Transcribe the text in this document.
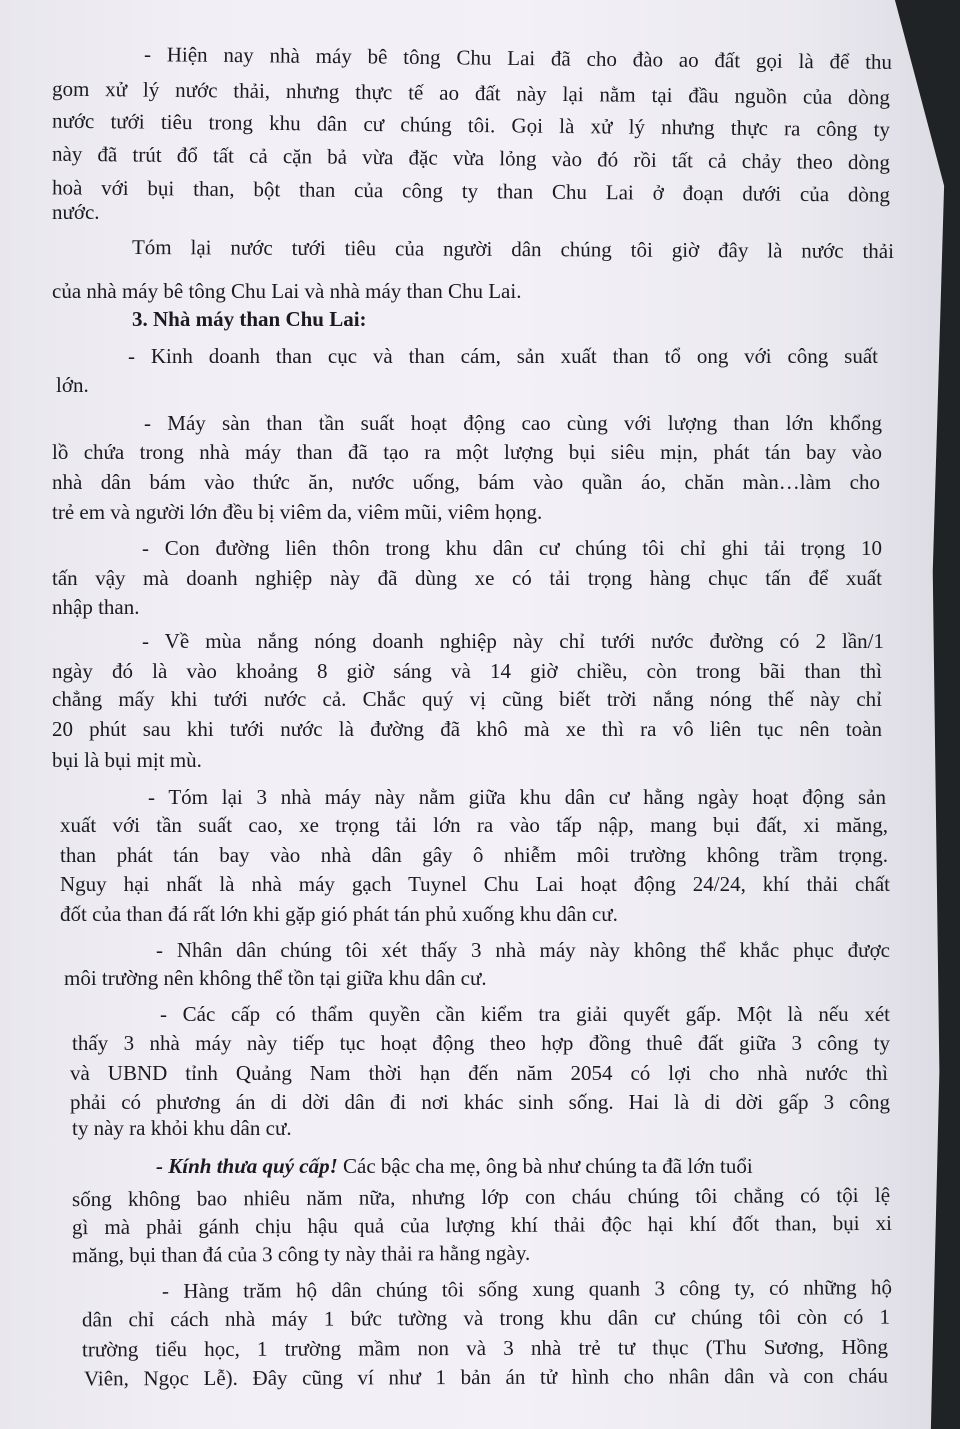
- Hiện nay nhà máy bê tông Chu Lai đã cho đào ao đất gọi là để thu
gom xử lý nước thải, nhưng thực tế ao đất này lại nằm tại đầu nguồn của dòng
nước tưới tiêu trong khu dân cư chúng tôi. Gọi là xử lý nhưng thực ra công ty
này đã trút đổ tất cả cặn bả vừa đặc vừa lỏng vào đó rồi tất cả chảy theo dòng
hoà với bụi than, bột than của công ty than Chu Lai ở đoạn dưới của dòng
nước.
Tóm lại nước tưới tiêu của người dân chúng tôi giờ đây là nước thải
của nhà máy bê tông Chu Lai và nhà máy than Chu Lai.
3. Nhà máy than Chu Lai:
- Kinh doanh than cục và than cám, sản xuất than tổ ong với công suất
lớn.
- Máy sàn than tần suất hoạt động cao cùng với lượng than lớn khổng
lồ chứa trong nhà máy than đã tạo ra một lượng bụi siêu mịn, phát tán bay vào
nhà dân bám vào thức ăn, nước uống, bám vào quần áo, chăn màn…làm cho
trẻ em và người lớn đều bị viêm da, viêm mũi, viêm họng.
- Con đường liên thôn trong khu dân cư chúng tôi chỉ ghi tải trọng 10
tấn vậy mà doanh nghiệp này đã dùng xe có tải trọng hàng chục tấn để xuất
nhập than.
- Về mùa nắng nóng doanh nghiệp này chỉ tưới nước đường có 2 lần/1
ngày đó là vào khoảng 8 giờ sáng và 14 giờ chiều, còn trong bãi than thì
chẳng mấy khi tưới nước cả. Chắc quý vị cũng biết trời nắng nóng thế này chỉ
20 phút sau khi tưới nước là đường đã khô mà xe thì ra vô liên tục nên toàn
bụi là bụi mịt mù.
- Tóm lại 3 nhà máy này nằm giữa khu dân cư hằng ngày hoạt động sản
xuất với tần suất cao, xe trọng tải lớn ra vào tấp nập, mang bụi đất, xi măng,
than phát tán bay vào nhà dân gây ô nhiễm môi trường không trầm trọng.
Nguy hại nhất là nhà máy gạch Tuynel Chu Lai hoạt động 24/24, khí thải chất
đốt của than đá rất lớn khi gặp gió phát tán phủ xuống khu dân cư.
- Nhân dân chúng tôi xét thấy 3 nhà máy này không thể khắc phục được
môi trường nên không thể tồn tại giữa khu dân cư.
- Các cấp có thẩm quyền cần kiểm tra giải quyết gấp. Một là nếu xét
thấy 3 nhà máy này tiếp tục hoạt động theo hợp đồng thuê đất giữa 3 công ty
và UBND tỉnh Quảng Nam thời hạn đến năm 2054 có lợi cho nhà nước thì
phải có phương án di dời dân đi nơi khác sinh sống. Hai là di dời gấp 3 công
ty này ra khỏi khu dân cư.
- Kính thưa quý cấp! Các bậc cha mẹ, ông bà như chúng ta đã lớn tuổi
sống không bao nhiêu năm nữa, nhưng lớp con cháu chúng tôi chẳng có tội lệ
gì mà phải gánh chịu hậu quả của lượng khí thải độc hại khí đốt than, bụi xi
măng, bụi than đá của 3 công ty này thải ra hằng ngày.
- Hàng trăm hộ dân chúng tôi sống xung quanh 3 công ty, có những hộ
dân chỉ cách nhà máy 1 bức tường và trong khu dân cư chúng tôi còn có 1
trường tiểu học, 1 trường mầm non và 3 nhà trẻ tư thục (Thu Sương, Hồng
Viên, Ngọc Lễ). Đây cũng ví như 1 bản án tử hình cho nhân dân và con cháu
